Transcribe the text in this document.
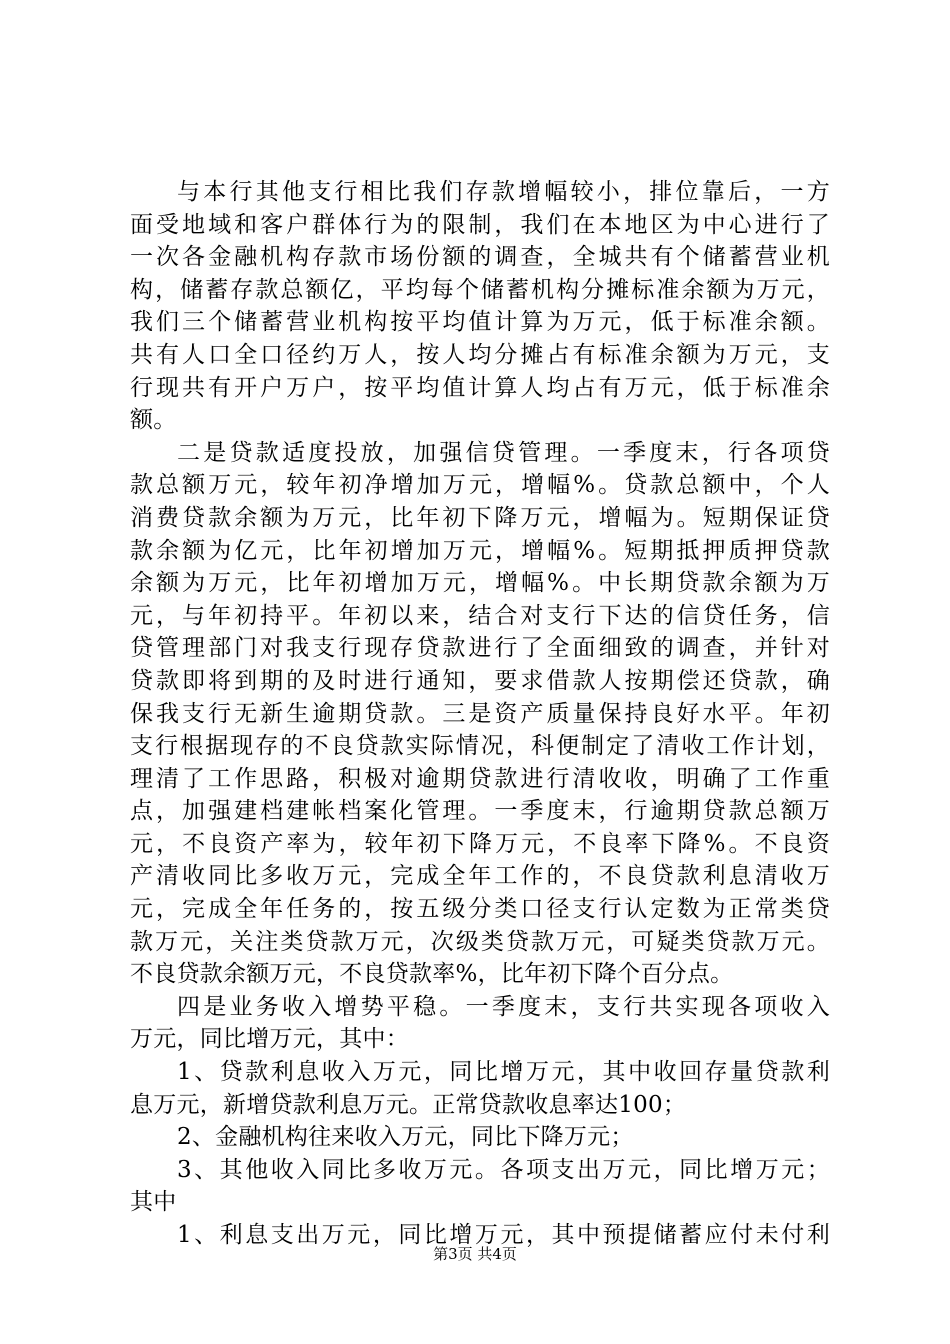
与本行其他支行相比我们存款增幅较小，排位靠后，一方
面受地域和客户群体行为的限制，我们在本地区为中心进行了
一次各金融机构存款市场份额的调查，全城共有个储蓄营业机
构，储蓄存款总额亿，平均每个储蓄机构分摊标准余额为万元，
我们三个储蓄营业机构按平均值计算为万元，低于标准余额。
共有人口全口径约万人，按人均分摊占有标准余额为万元，支
行现共有开户万户，按平均值计算人均占有万元，低于标准余
额。
二是贷款适度投放，加强信贷管理。一季度末，行各项贷
款总额万元，较年初净增加万元，增幅%。贷款总额中，个人
消费贷款余额为万元，比年初下降万元，增幅为。短期保证贷
款余额为亿元，比年初增加万元，增幅%。短期抵押质押贷款
余额为万元，比年初增加万元，增幅%。中长期贷款余额为万
元，与年初持平。年初以来，结合对支行下达的信贷任务，信
贷管理部门对我支行现存贷款进行了全面细致的调查，并针对
贷款即将到期的及时进行通知，要求借款人按期偿还贷款，确
保我支行无新生逾期贷款。三是资产质量保持良好水平。年初
支行根据现存的不良贷款实际情况，科便制定了清收工作计划，
理清了工作思路，积极对逾期贷款进行清收收，明确了工作重
点，加强建档建帐档案化管理。一季度末，行逾期贷款总额万
元，不良资产率为，较年初下降万元，不良率下降%。不良资
产清收同比多收万元，完成全年工作的，不良贷款利息清收万
元，完成全年任务的，按五级分类口径支行认定数为正常类贷
款万元，关注类贷款万元，次级类贷款万元，可疑类贷款万元。
不良贷款余额万元，不良贷款率%，比年初下降个百分点。
四是业务收入增势平稳。一季度末，支行共实现各项收入
万元，同比增万元，其中：
1、贷款利息收入万元，同比增万元，其中收回存量贷款利
息万元，新增贷款利息万元。正常贷款收息率达100；
2、金融机构往来收入万元，同比下降万元；
3、其他收入同比多收万元。各项支出万元，同比增万元；
其中
1、利息支出万元，同比增万元，其中预提储蓄应付未付利
第3页 共4页
